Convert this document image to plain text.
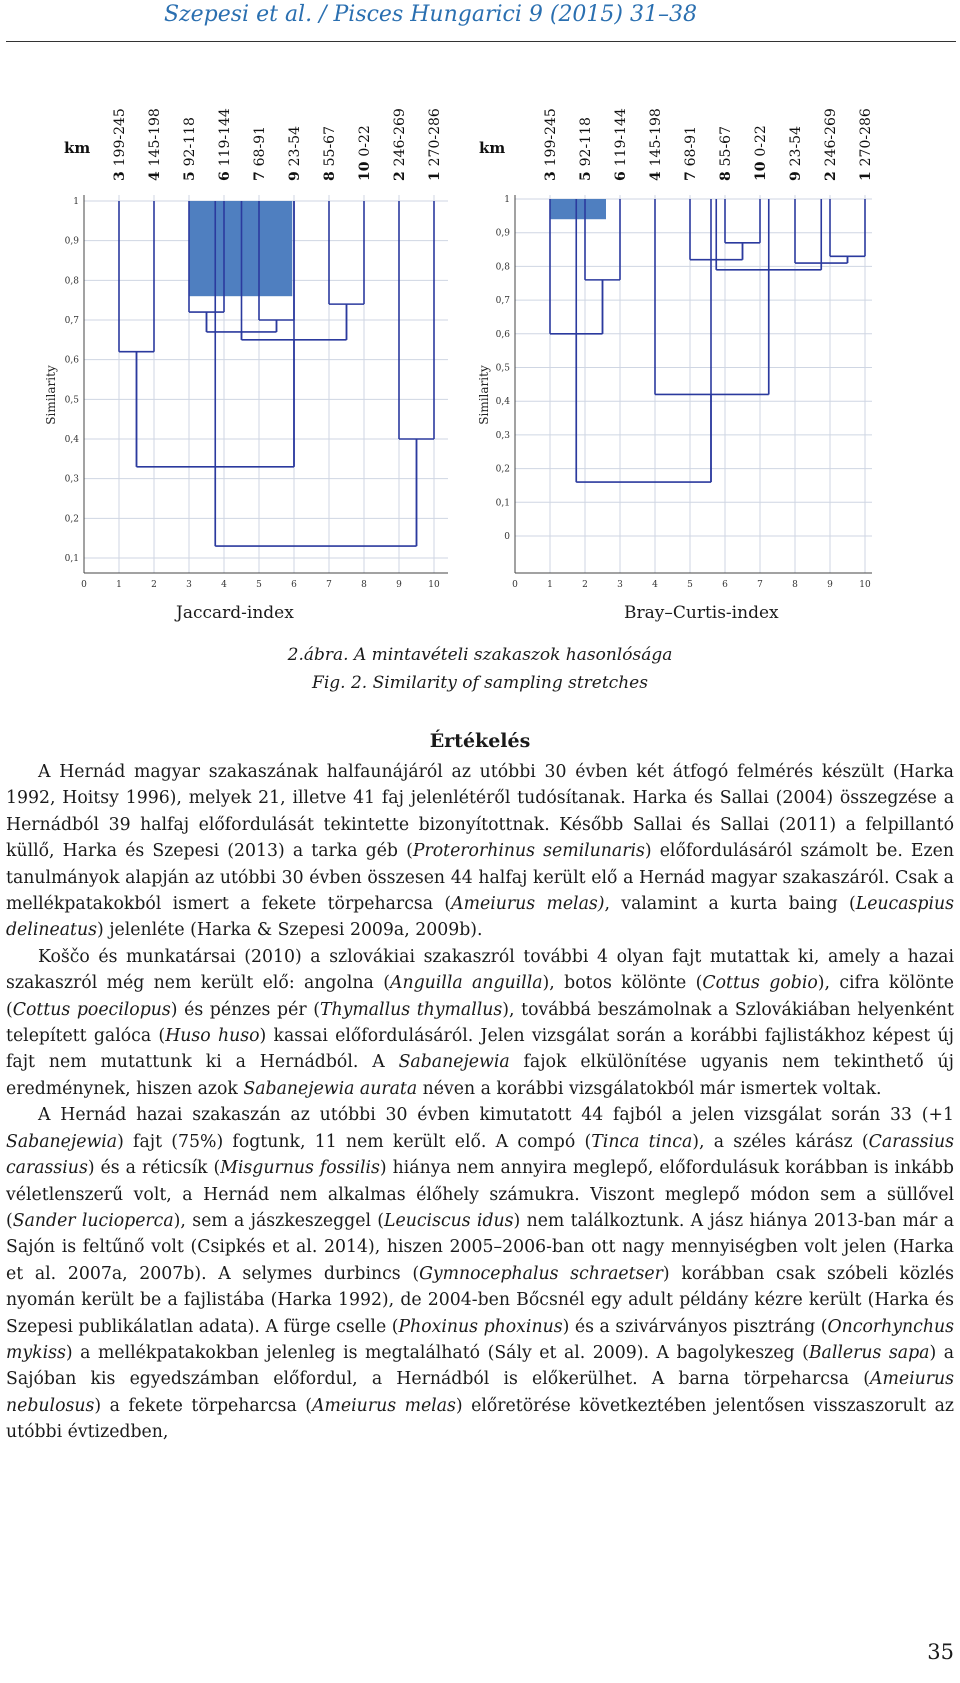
Szepesi et al. / Pisces Hungarici 9 (2015) 31–38
1
0,9
0,8
0,7
0,6
0,5
0,4
0,3
0,2
0,1
0	1	2	3	4	5	6	7	8	9	10
Similarity
km
3 199-245
4 145-198
5 92-118
6 119-144
7 68-91
9 23-54
8 55-67
10 0-22
2 246-269
1 270-286
1
0,9
0,8
0,7
0,6
0,5
0,4
0,3
0,2
0,1
0
0	1	2	3	4	5	6	7	8	9	10
Similarity
km
3 199-245
5 92-118
6 119-144
4 145-198
7 68-91
8 55-67
10 0-22
9 23-54
2 246-269
1 270-286
Jaccard-index	Bray–Curtis-index
2.ábra. A mintavételi szakaszok hasonlósága
Fig. 2. Similarity of sampling stretches
Értékelés

A Hernád magyar szakaszának halfaunájáról az utóbbi 30 évben két átfogó felmérés készült (Harka 1992, Hoitsy 1996), melyek 21, illetve 41 faj jelenlétéről tudósítanak. Harka és Sallai (2004) összegzése a Hernádból 39 halfaj előfordulását tekintette bizonyítottnak. Később Sallai és Sallai (2011) a felpillantó küllő, Harka és Szepesi (2013) a tarka géb (Proterorhinus semilunaris) előfordulásáról számolt be. Ezen tanulmányok alapján az utóbbi 30 évben összesen 44 halfaj került elő a Hernád magyar szakaszáról. Csak a mellékpatakokból ismert a fekete törpeharcsa (Ameiurus melas), valamint a kurta baing (Leucaspius delineatus) jelenléte (Harka & Szepesi 2009a, 2009b).

Koščo és munkatársai (2010) a szlovákiai szakaszról további 4 olyan fajt mutattak ki, amely a hazai szakaszról még nem került elő: angolna (Anguilla anguilla), botos kölönte (Cottus gobio), cifra kölönte (Cottus poecilopus) és pénzes pér (Thymallus thymallus), továbbá beszámolnak a Szlovákiában helyenként telepített galóca (Huso huso) kassai előfordulásáról. Jelen vizsgálat során a korábbi fajlistákhoz képest új fajt nem mutattunk ki a Hernádból. A Sabanejewia fajok elkülönítése ugyanis nem tekinthető új eredménynek, hiszen azok Sabanejewia aurata néven a korábbi vizsgálatokból már ismertek voltak.

A Hernád hazai szakaszán az utóbbi 30 évben kimutatott 44 fajból a jelen vizsgálat során 33 (+1 Sabanejewia) fajt (75%) fogtunk, 11 nem került elő. A compó (Tinca tinca), a széles kárász (Carassius carassius) és a réticsík (Misgurnus fossilis) hiánya nem annyira meglepő, előfordulásuk korábban is inkább véletlenszerű volt, a Hernád nem alkalmas élőhely számukra. Viszont meglepő módon sem a süllővel (Sander lucioperca), sem a jászkeszeggel (Leuciscus idus) nem találkoztunk. A jász hiánya 2013-ban már a Sajón is feltűnő volt (Csipkés et al. 2014), hiszen 2005–2006-ban ott nagy mennyiségben volt jelen (Harka et al. 2007a, 2007b). A selymes durbincs (Gymnocephalus schraetser) korábban csak szóbeli közlés nyomán került be a fajlistába (Harka 1992), de 2004-ben Bőcsnél egy adult példány kézre került (Harka és Szepesi publikálatlan adata). A fürge cselle (Phoxinus phoxinus) és a szivárványos pisztráng (Oncorhynchus mykiss) a mellékpatakokban jelenleg is megtalálható (Sály et al. 2009). A bagolykeszeg (Ballerus sapa) a Sajóban kis egyedszámban előfordul, a Hernádból is előkerülhet. A barna törpeharcsa (Ameiurus nebulosus) a fekete törpeharcsa (Ameiurus melas) előretörése következtében jelentősen visszaszorult az utóbbi évtizedben,

35
